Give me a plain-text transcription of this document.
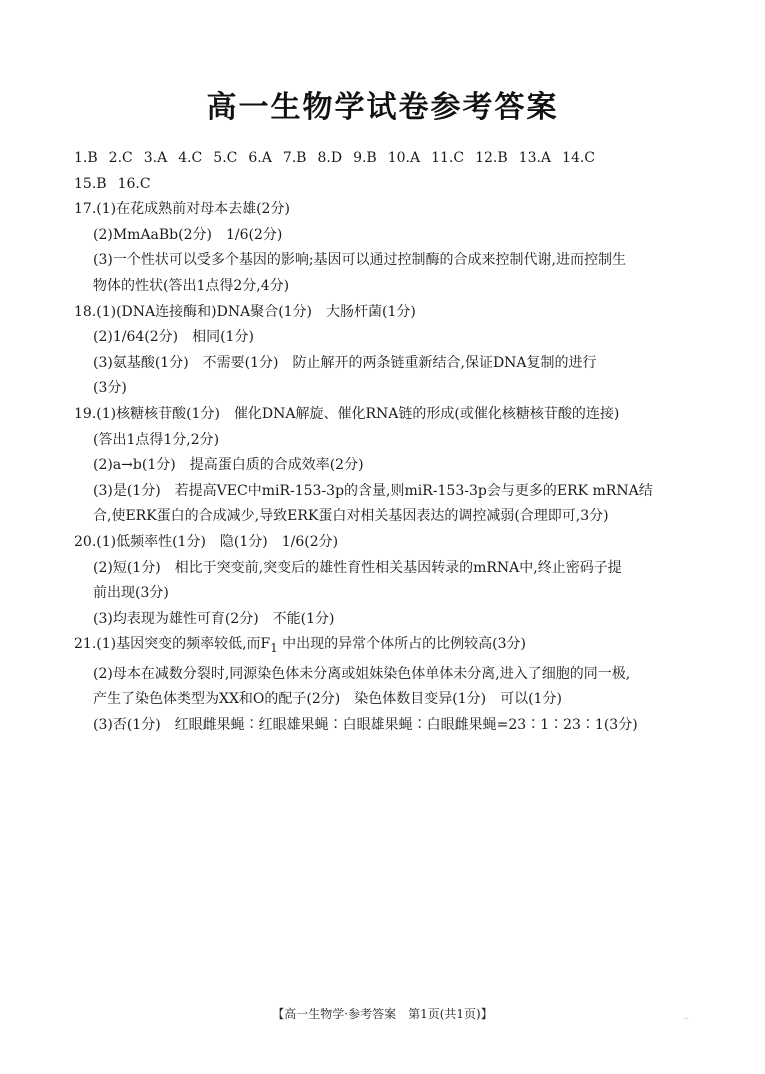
高一生物学试卷参考答案
1.B 2.C 3.A 4.C 5.C 6.A 7.B 8.D 9.B 10.A 11.C 12.B 13.A 14.C
15.B 16.C
17.(1)在花成熟前对母本去雄(2分)
(2)MmAaBb(2分)　1/6(2分)
(3)一个性状可以受多个基因的影响;基因可以通过控制酶的合成来控制代谢,进而控制生
物体的性状(答出1点得2分,4分)
18.(1)(DNA连接酶和)DNA聚合(1分)　大肠杆菌(1分)
(2)1/64(2分)　相同(1分)
(3)氨基酸(1分)　不需要(1分)　防止解开的两条链重新结合,保证DNA复制的进行
(3分)
19.(1)核糖核苷酸(1分)　催化DNA解旋、催化RNA链的形成(或催化核糖核苷酸的连接)
(答出1点得1分,2分)
(2)a→b(1分)　提高蛋白质的合成效率(2分)
(3)是(1分)　若提高VEC中miR-153-3p的含量,则miR-153-3p会与更多的ERK mRNA结
合,使ERK蛋白的合成减少,导致ERK蛋白对相关基因表达的调控减弱(合理即可,3分)
20.(1)低频率性(1分)　隐(1分)　1/6(2分)
(2)短(1分)　相比于突变前,突变后的雄性育性相关基因转录的mRNA中,终止密码子提
前出现(3分)
(3)均表现为雄性可育(2分)　不能(1分)
21.(1)基因突变的频率较低,而$F_1$ 中出现的异常个体所占的比例较高(3分)
(2)母本在减数分裂时,同源染色体未分离或姐妹染色体单体未分离,进入了细胞的同一极,
产生了染色体类型为XX和O的配子(2分)　染色体数目变异(1分)　可以(1分)
(3)否(1分)　红眼雌果蝇∶红眼雄果蝇∶白眼雄果蝇∶白眼雌果蝇=23∶1∶23∶1(3分)
【高一生物学·参考答案　第1页(共1页)】	..
